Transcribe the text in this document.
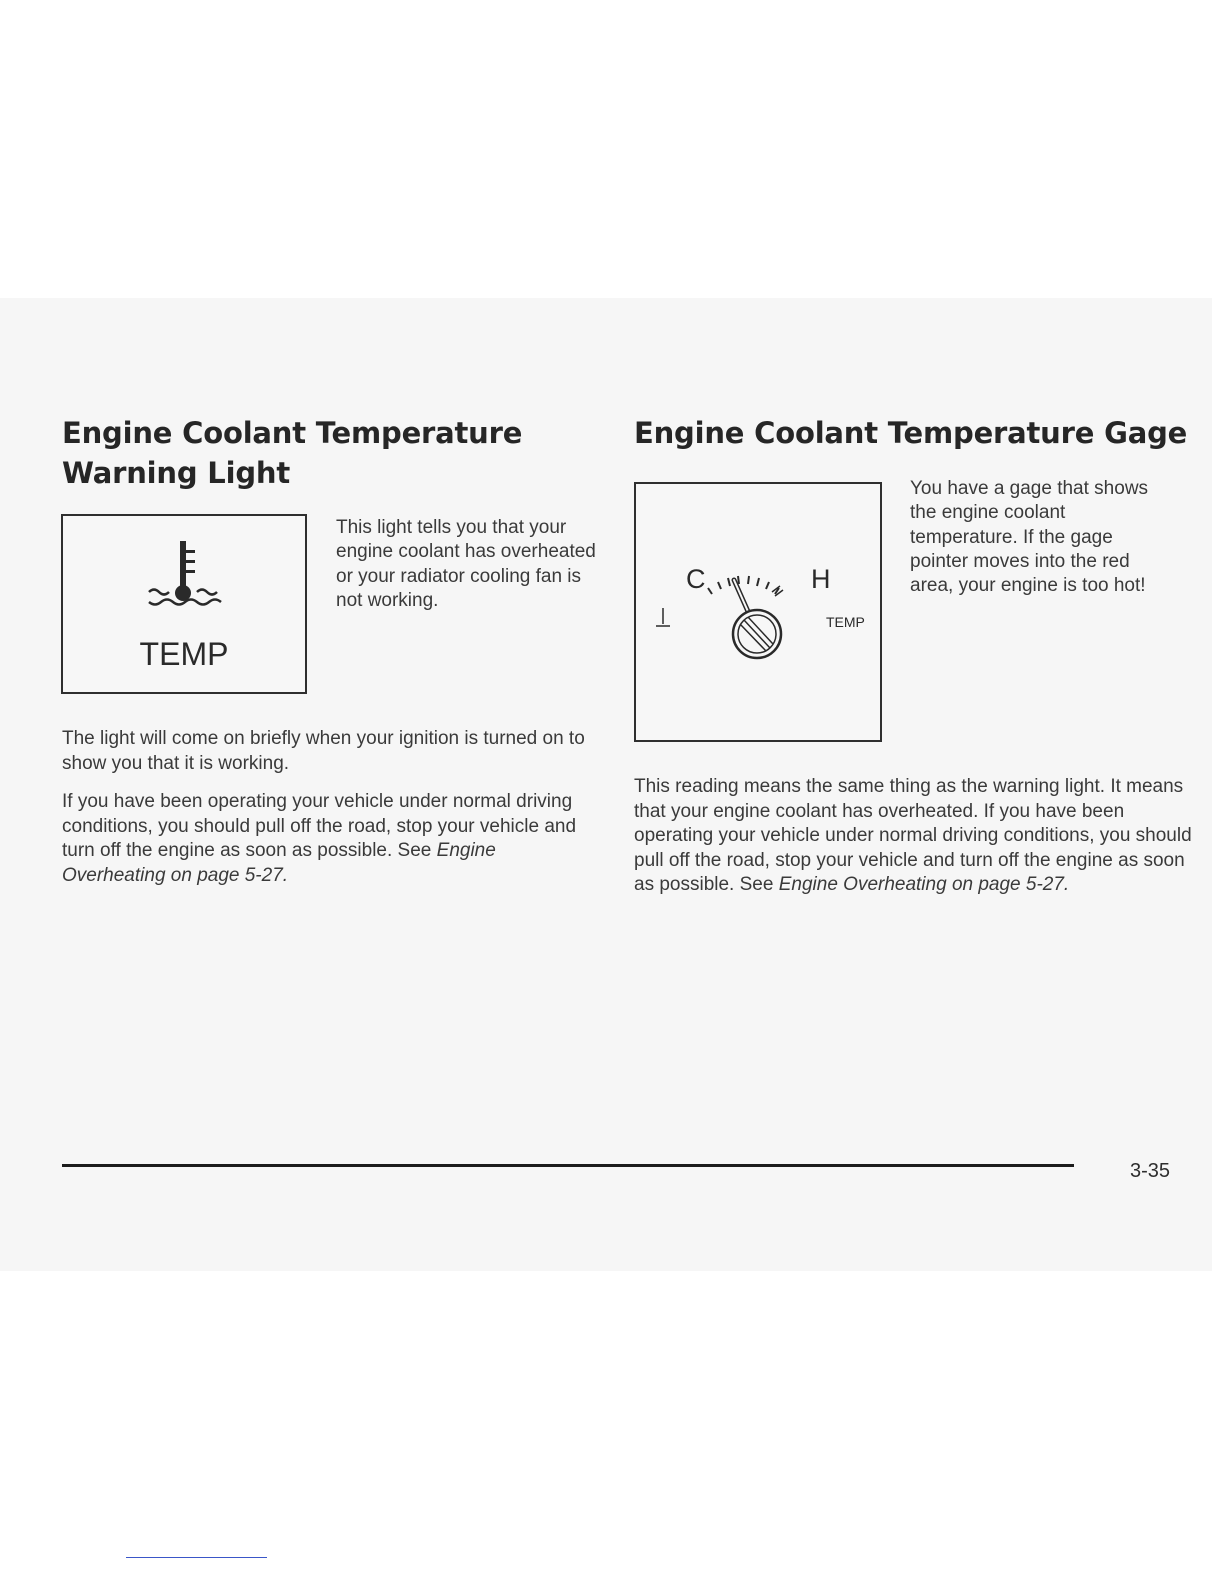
Engine Coolant Temperature
Warning Light
TEMP
This light tells you that your engine coolant has overheated or your radiator cooling fan is not working.

The light will come on briefly when your ignition is turned on to show you that it is working.

If you have been operating your vehicle under normal driving conditions, you should pull off the road, stop your vehicle and turn off the engine as soon as possible. See Engine Overheating on page 5-27.

Engine Coolant Temperature Gage
C	H
TEMP
You have a gage that shows the engine coolant temperature. If the gage pointer moves into the red area, your engine is too hot!

This reading means the same thing as the warning light. It means that your engine coolant has overheated. If you have been operating your vehicle under normal driving conditions, you should pull off the road, stop your vehicle and turn off the engine as soon as possible. See Engine Overheating on page 5-27.

3-35
